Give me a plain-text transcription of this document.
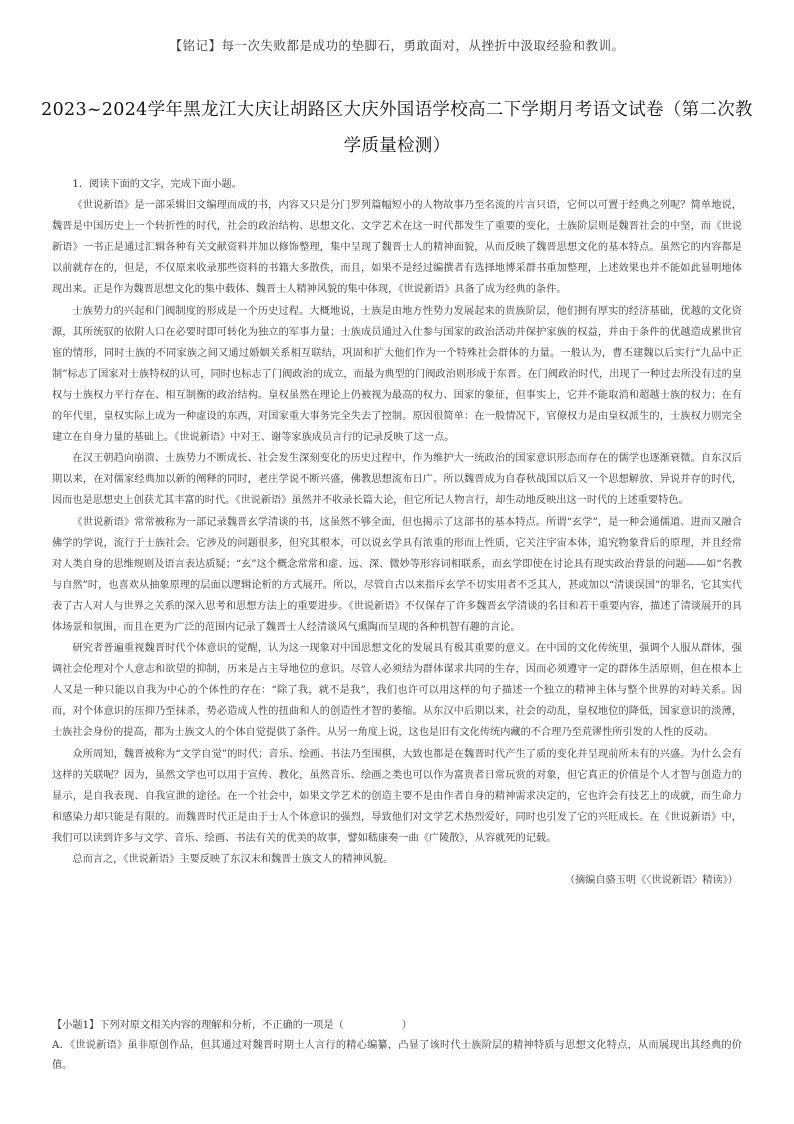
【铭记】每一次失败都是成功的垫脚石，勇敢面对，从挫折中汲取经验和教训。
2023~2024学年黑龙江大庆让胡路区大庆外国语学校高二下学期月考语文试卷（第二次教学质量检测）

1．阅读下面的文字，完成下面小题。

《世说新语》是一部采辑旧文编理而成的书，内容又只是分门罗列篇幅短小的人物故事乃至名流的片言只语，它何以可置于经典之列呢？简单地说，魏晋是中国历史上一个转折性的时代，社会的政治结构、思想文化、文学艺术在这一时代都发生了重要的变化，士族阶层则是魏晋社会的中坚，而《世说新语》一书正是通过汇辑各种有关文献资料并加以修饰整理，集中呈现了魏晋士人的精神面貌，从而反映了魏晋思想文化的基本特点。虽然它的内容都是以前就存在的，但是，不仅原来收录那些资料的书籍大多散佚，而且，如果不是经过编撰者有选择地博采群书重加整理，上述效果也并不能如此显明地体现出来。正是作为魏晋思想文化的集中载体、魏晋士人精神风貌的集中体现，《世说新语》具备了成为经典的条件。

士族势力的兴起和门阀制度的形成是一个历史过程。大概地说，士族是由地方性势力发展起来的贵族阶层，他们拥有厚实的经济基础，优越的文化资源，其所统驭的依附人口在必要时即可转化为独立的军事力量；士族成员通过入仕参与国家的政治活动并保护家族的权益，并由于条件的优越造成累世官宦的情形，同时士族的不同家族之间又通过婚姻关系相互联结，巩固和扩大他们作为一个特殊社会群体的力量。一般认为，曹丕建魏以后实行“九品中正制”标志了国家对士族特权的认可，同时也标志了门阀政治的成立，而最为典型的门阀政治则形成于东晋。在门阀政治时代，出现了一种过去所没有过的皇权与士族权力平行存在、相互制衡的政治结构。皇权虽然在理论上仍被视为最高的权力、国家的象征，但事实上，它并不能取消和超越士族的权力；在有的年代里，皇权实际上成为一种虚设的东西，对国家重大事务完全失去了控制。原因很简单：在一般情况下，官僚权力是由皇权派生的，士族权力则完全建立在自身力量的基础上。《世说新语》中对王、谢等家族成员言行的记录反映了这一点。

在汉王朝趋向崩溃、士族势力不断成长、社会发生深刻变化的历史过程中，作为维护大一统政治的国家意识形态而存在的儒学也逐渐衰微。自东汉后期以来，在对儒家经典加以新的阐释的同时，老庄学说不断兴盛，佛教思想流布日广。所以魏晋成为自春秋战国以后又一个思想解放、异说并存的时代，因而也是思想史上创获尤其丰富的时代。《世说新语》虽然并不收录长篇大论，但它所记人物言行，却生动地反映出这一时代的上述重要特色。

《世说新语》常常被称为一部记录魏晋玄学清谈的书，这虽然不够全面，但也揭示了这部书的基本特点。所谓“玄学”，是一种会通儒道、进而又融合佛学的学说，流行于士族社会。它涉及的问题很多，但究其根本，可以说玄学具有浓重的形而上性质，它关注宇宙本体，追究物象背后的原理，并且经常对人类自身的思维规则及语言表达质疑；“玄”这个概念常常和虚、远、深、微妙等形容词相联系，而玄学即使在讨论具有现实政治背景的问题——如“名教与自然”时，也喜欢从抽象原理的层面以逻辑论析的方式展开。所以，尽管自古以来指斥玄学不切实用者不乏其人，甚或加以“清谈误国”的罪名，它其实代表了古人对人与世界之关系的深入思考和思想方法上的重要进步。《世说新语》不仅保存了许多魏晋玄学清谈的名目和若干重要内容，描述了清谈展开的具体场景和氛围，而且在更为广泛的范围内记录了魏晋士人经清谈风气熏陶而呈现的各种机智有趣的言论。

研究者普遍重视魏晋时代个体意识的觉醒，认为这一现象对中国思想文化的发展具有极其重要的意义。在中国的文化传统里，强调个人服从群体，强调社会伦理对个人意志和欲望的抑制，历来是占主导地位的意识。尽管人必须结为群体谋求共同的生存，因而必须遵守一定的群体生活原则，但在根本上人又是一种只能以自我为中心的个体性的存在：“除了我，就不是我”，我们也许可以用这样的句子描述一个独立的精神主体与整个世界的对峙关系。因而，对个体意识的压抑乃至抹杀，势必造成人性的扭曲和人的创造性才智的萎缩。从东汉中后期以来，社会的动乱，皇权地位的降低，国家意识的淡薄，士族社会身份的提高，都为士族文人的个体自觉提供了条件。从另一角度上说，这也是旧有文化传统内藏的不合理乃至荒谬性所引发的人性的反动。

众所周知，魏晋被称为“文学自觉”的时代；音乐、绘画、书法乃至围棋，大致也都是在魏晋时代产生了质的变化并呈现前所未有的兴盛。为什么会有这样的关联呢？因为，虽然文学也可以用于宣传、教化，虽然音乐、绘画之类也可以作为富贵者日常玩赏的对象，但它真正的价值是个人才智与创造力的显示，是自我表现、自我宣泄的途径。在一个社会中，如果文学艺术的创造主要不是由作者自身的精神需求决定的，它也许会有技艺上的成就，而生命力和感染力却只能是有限的。而魏晋时代正是由于士人个体意识的强烈，导致他们对文学艺术热烈爱好，同时也引发了它的兴旺成长。在《世说新语》中，我们可以读到许多与文学、音乐、绘画、书法有关的优美的故事，譬如嵇康奏一曲《广陵散》，从容就死的记载。

总而言之，《世说新语》主要反映了东汉末和魏晋士族文人的精神风貌。

（摘编自骆玉明《〈世说新语〉精读》）

【小题1】下列对原文相关内容的理解和分析，不正确的一项是（	）

A．《世说新语》虽非原创作品，但其通过对魏晋时期士人言行的精心编纂，凸显了该时代士族阶层的精神特质与思想文化特点，从而展现出其经典的价值。
